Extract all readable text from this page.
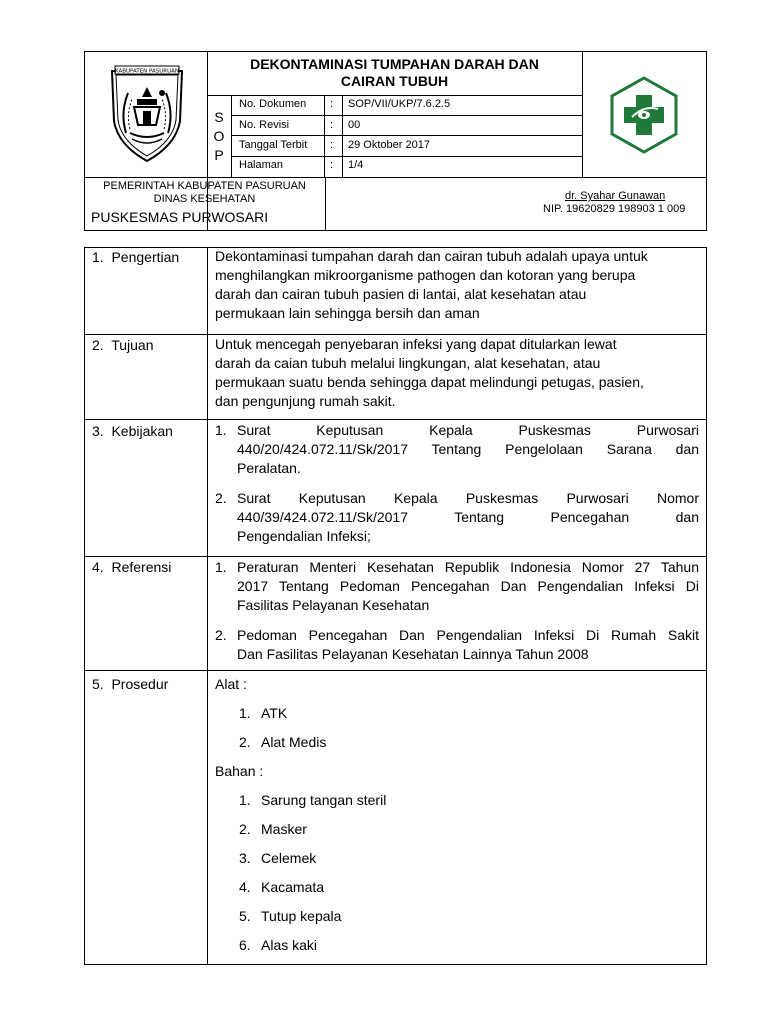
KABUPATEN PASURUAN	DEKONTAMINASI TUMPAHAN DARAH DAN
CAIRAN TUBUH
S
O
P
No. Dokumen : SOP/VII/UKP/7.6.2.5
No. Revisi	: 00
Tanggal Terbit : 29 Oktober 2017
Halaman	: 1/4
PEMERINTAH KABUPATEN PASURUAN
DINAS KESEHATAN
PUSKESMAS PURWOSARI
dr. Syahar Gunawan
NIP. 19620829 198903 1 009
1.  Pengertian	Dekontaminasi tumpahan darah dan cairan tubuh adalah upaya untuk
menghilangkan mikroorganisme pathogen dan kotoran yang berupa
darah dan cairan tubuh pasien di lantai, alat kesehatan atau
permukaan lain sehingga bersih dan aman
2.  Tujuan	Untuk mencegah penyebaran infeksi yang dapat ditularkan lewat
darah da caian tubuh melalui lingkungan, alat kesehatan, atau
permukaan suatu benda sehingga dapat melindungi petugas, pasien,
dan pengunjung rumah sakit.
3.  Kebijakan	1. Surat Keputusan Kepala Puskesmas Purwosari
440/20/424.072.11/Sk/2017 Tentang Pengelolaan Sarana dan
Peralatan.
2. Surat Keputusan Kepala Puskesmas Purwosari Nomor
440/39/424.072.11/Sk/2017 Tentang Pencegahan dan
Pengendalian Infeksi;
4.  Referensi	1. Peraturan Menteri Kesehatan Republik Indonesia Nomor 27 Tahun
2017 Tentang Pedoman Pencegahan Dan Pengendalian Infeksi Di
Fasilitas Pelayanan Kesehatan
2. Pedoman Pencegahan Dan Pengendalian Infeksi Di Rumah Sakit
Dan Fasilitas Pelayanan Kesehatan Lainnya Tahun 2008
5.  Prosedur	Alat :
1. ATK
2. Alat Medis
Bahan :
1. Sarung tangan steril
2. Masker
3. Celemek
4. Kacamata
5. Tutup kepala
6. Alas kaki
